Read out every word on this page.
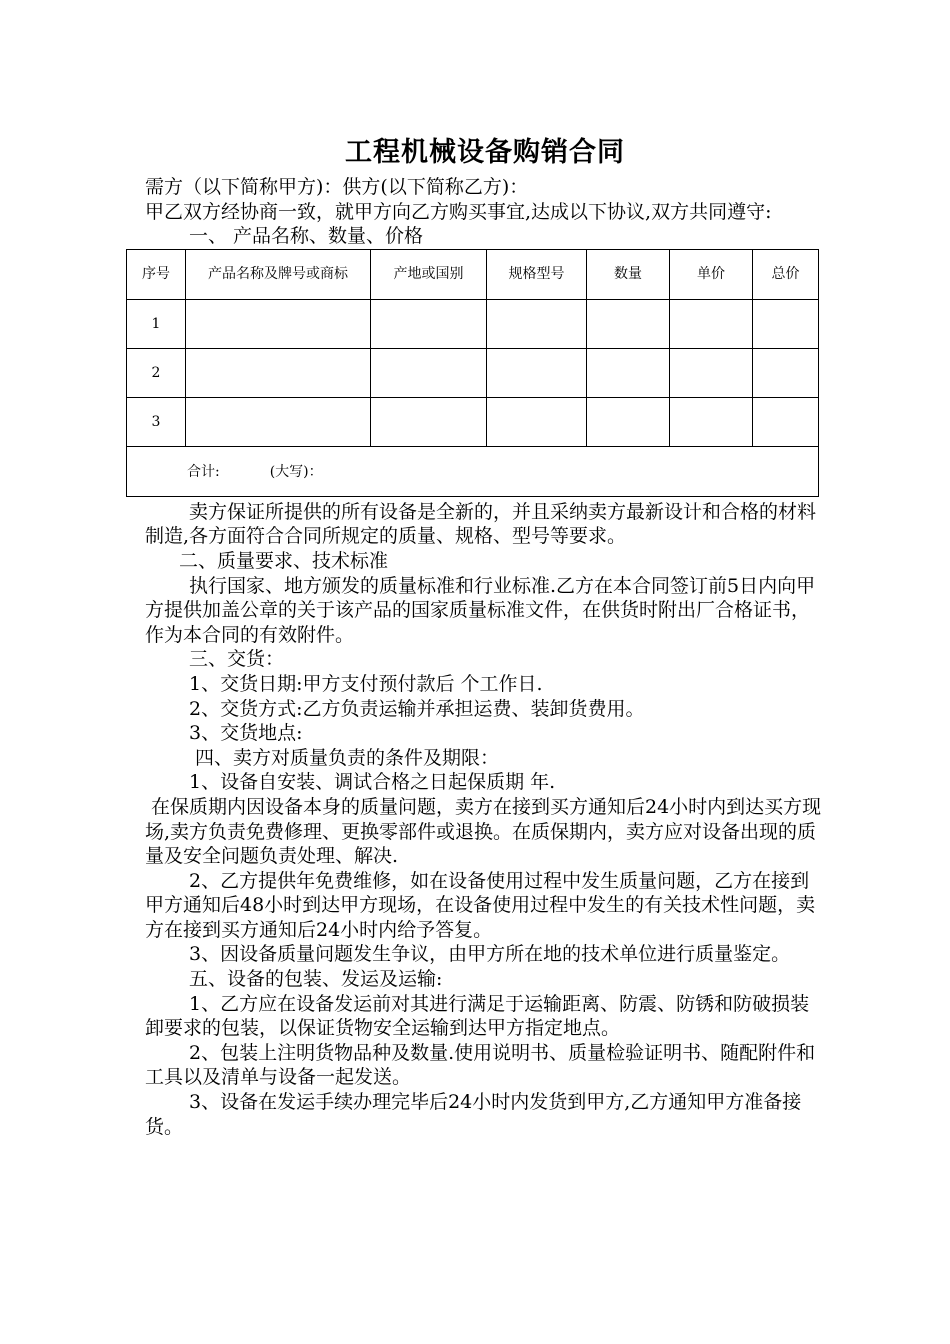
工程机械设备购销合同

需方（以下简称甲方)：供方(以下简称乙方)：

甲乙双方经协商一致，就甲方向乙方购买事宜,达成以下协议,双方共同遵守:

一、 产品名称、数量、价格

序号	产品名称及牌号或商标	产地或国别	规格型号	数量	单价	总价
1						
2						
3						
合计: (大写)：						

卖方保证所提供的所有设备是全新的，并且采纳卖方最新设计和合格的材料制造,各方面符合合同所规定的质量、规格、型号等要求。

二、质量要求、技术标准

执行国家、地方颁发的质量标准和行业标准.乙方在本合同签订前5日内向甲方提供加盖公章的关于该产品的国家质量标准文件，在供货时附出厂合格证书，作为本合同的有效附件。

三、交货：

1、交货日期:甲方支付预付款后 个工作日.

2、交货方式:乙方负责运输并承担运费、装卸货费用。

3、交货地点:

四、卖方对质量负责的条件及期限：

1、设备自安装、调试合格之日起保质期 年.

在保质期内因设备本身的质量问题，卖方在接到买方通知后24小时内到达买方现场,卖方负责免费修理、更换零部件或退换。在质保期内，卖方应对设备出现的质量及安全问题负责处理、解决.

2、乙方提供年免费维修，如在设备使用过程中发生质量问题，乙方在接到甲方通知后48小时到达甲方现场，在设备使用过程中发生的有关技术性问题，卖方在接到买方通知后24小时内给予答复。

3、因设备质量问题发生争议，由甲方所在地的技术单位进行质量鉴定。

五、设备的包装、发运及运输:

1、乙方应在设备发运前对其进行满足于运输距离、防震、防锈和防破损装卸要求的包装，以保证货物安全运输到达甲方指定地点。

2、包装上注明货物品种及数量.使用说明书、质量检验证明书、随配附件和工具以及清单与设备一起发送。

3、设备在发运手续办理完毕后24小时内发货到甲方,乙方通知甲方准备接货。
